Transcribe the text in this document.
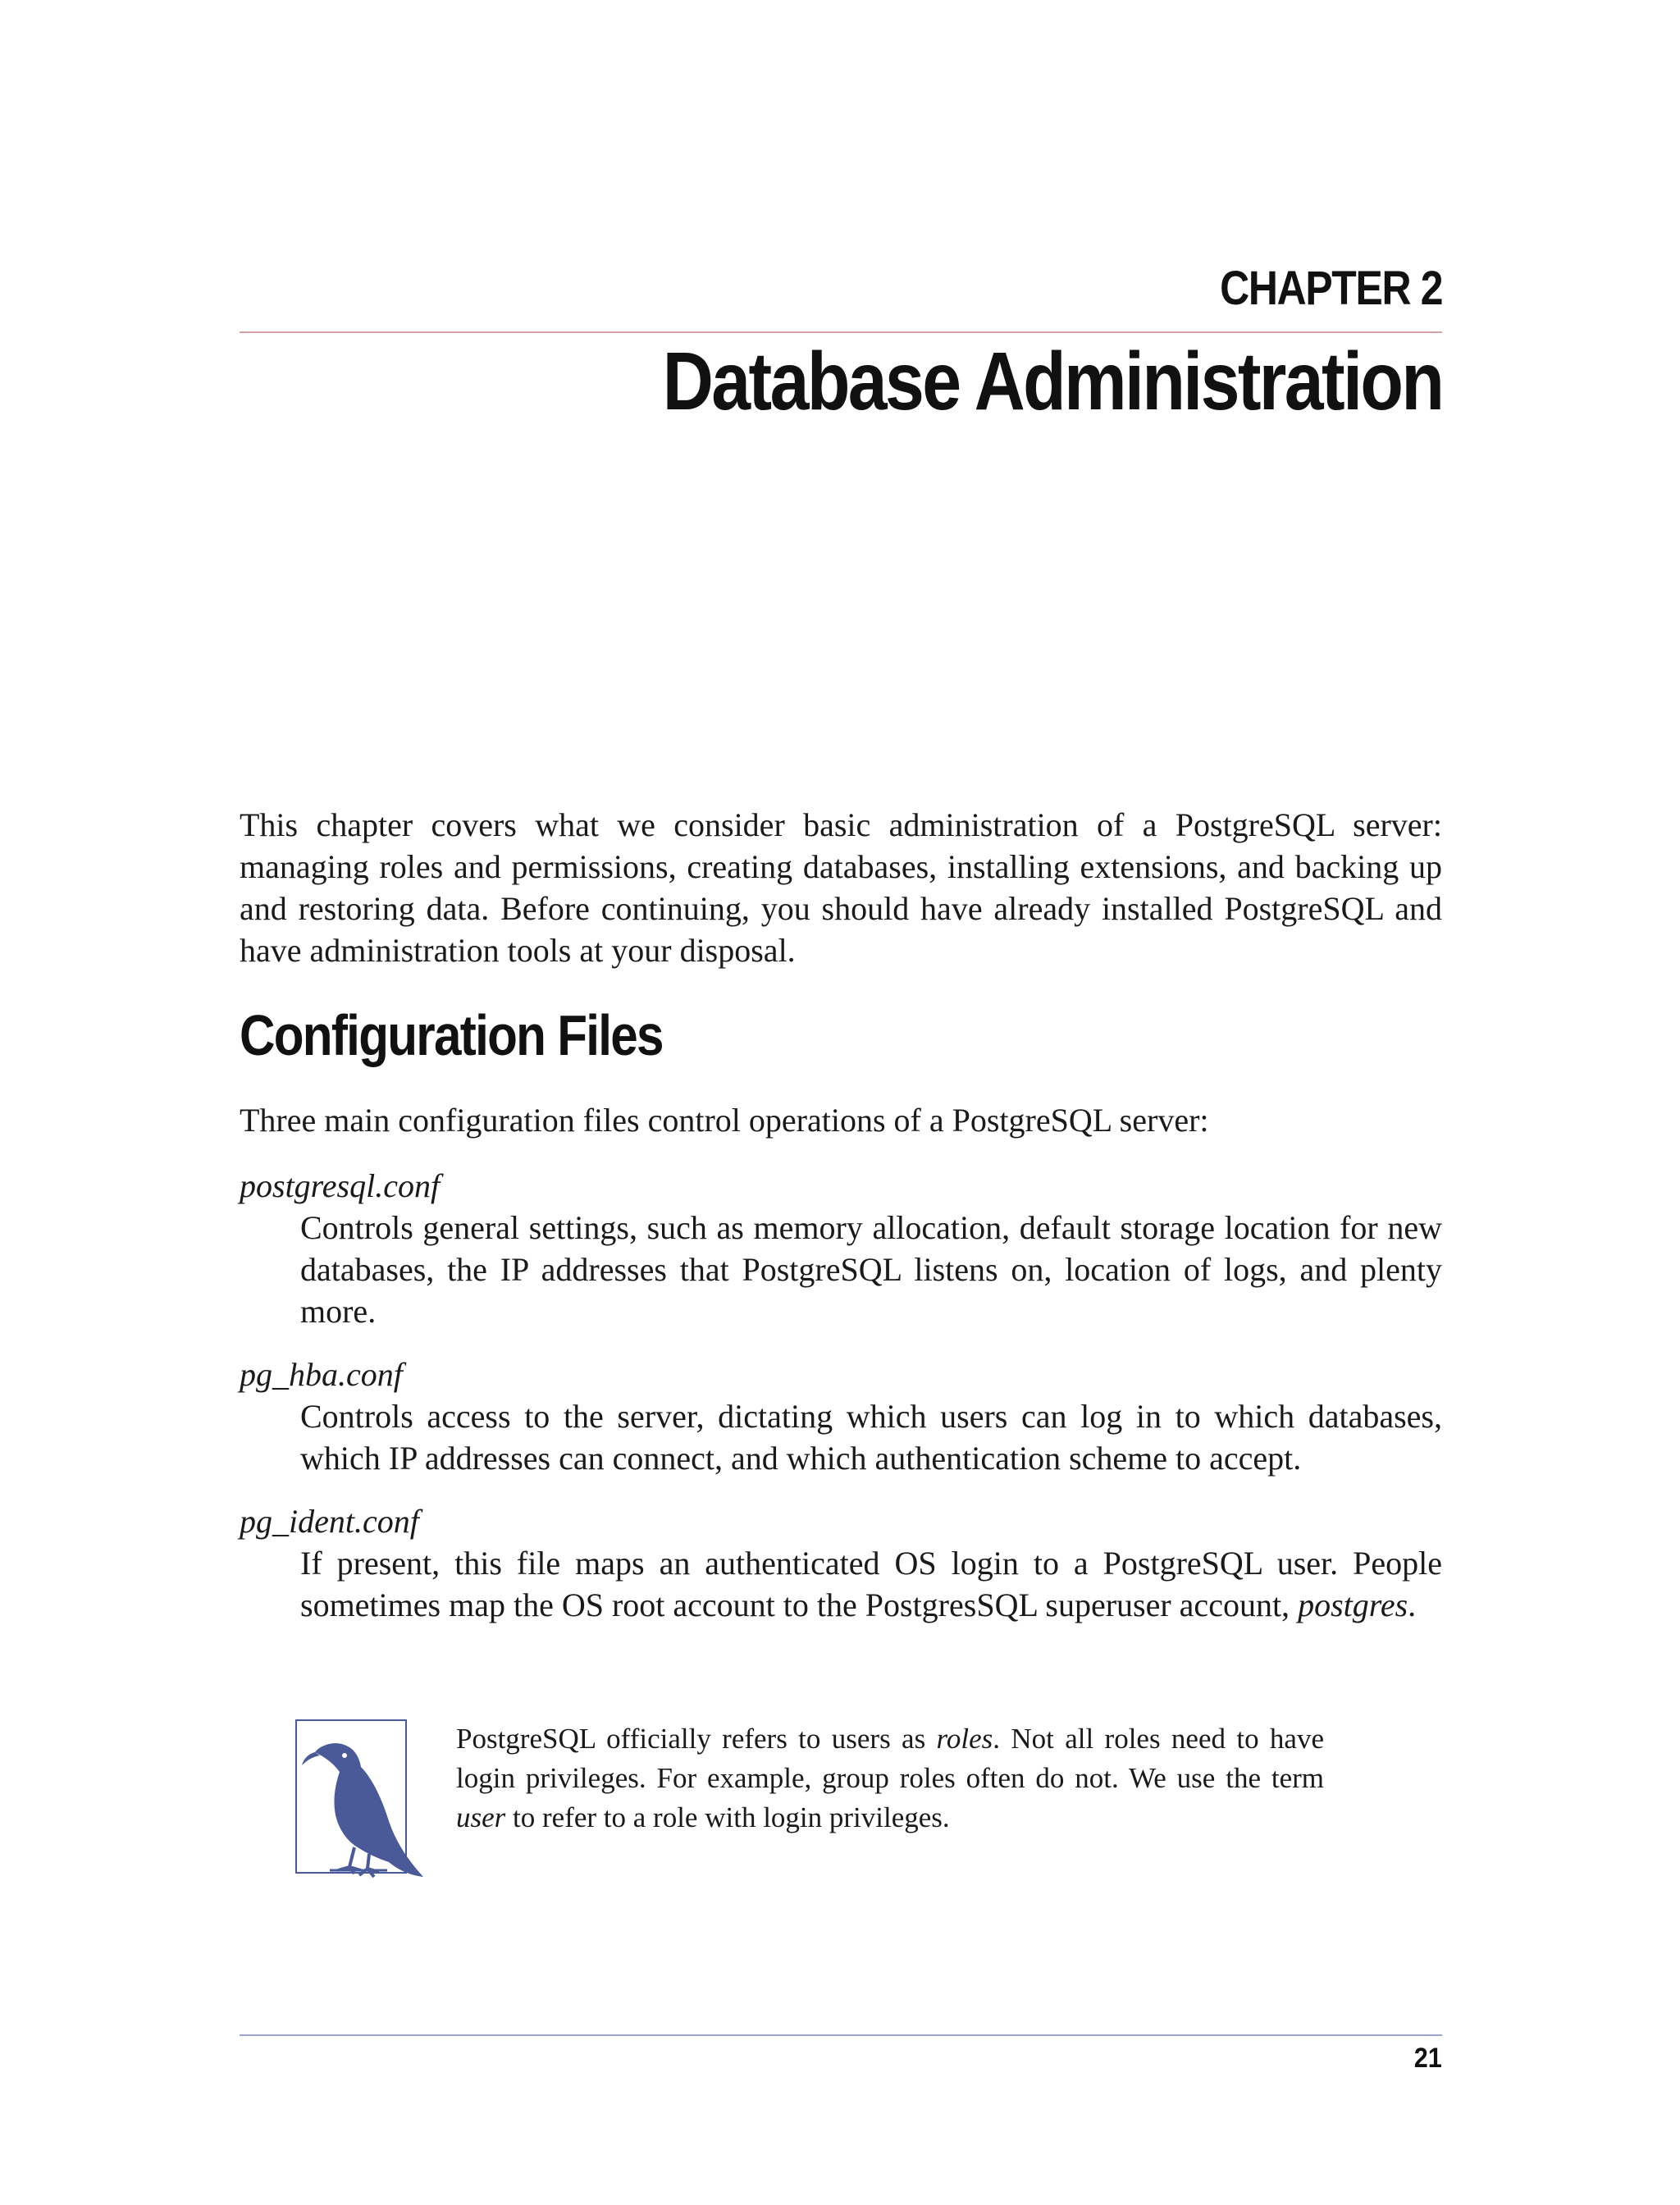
CHAPTER 2
Database Administration

This chapter covers what we consider basic administration of a PostgreSQL server: managing roles and permissions, creating databases, installing extensions, and backing up and restoring data. Before continuing, you should have already installed PostgreSQL and have administration tools at your disposal.

Configuration Files

Three main configuration files control operations of a PostgreSQL server:

postgresql.conf
Controls general settings, such as memory allocation, default storage location for new databases, the IP addresses that PostgreSQL listens on, location of logs, and plenty more.
pg_hba.conf
Controls access to the server, dictating which users can log in to which databases, which IP addresses can connect, and which authentication scheme to accept.
pg_ident.conf
If present, this file maps an authenticated OS login to a PostgreSQL user. People sometimes map the OS root account to the PostgresSQL superuser account, postgres.

PostgreSQL officially refers to users as roles. Not all roles need to have login privileges. For example, group roles often do not. We use the term user to refer to a role with login privileges.

21
